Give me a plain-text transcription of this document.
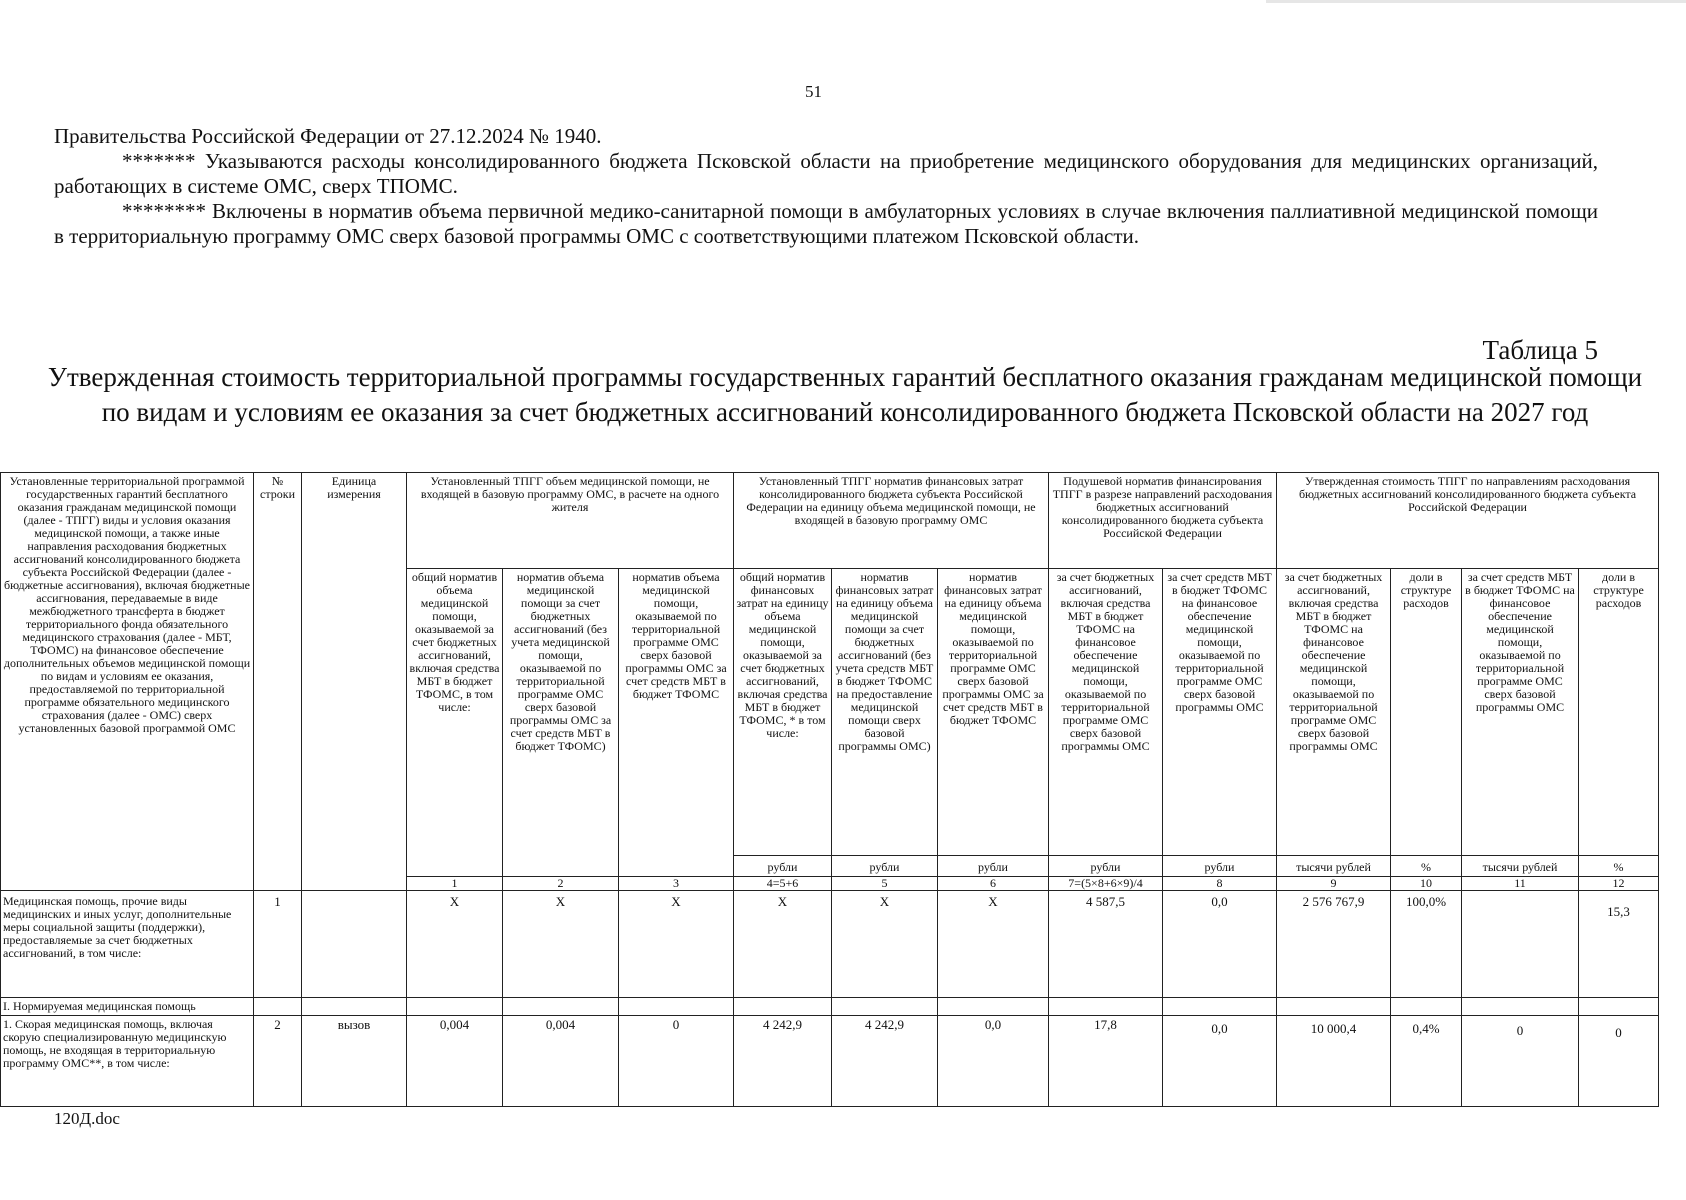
51

Правительства Российской Федерации от 27.12.2024 № 1940.

******* Указываются расходы консолидированного бюджета Псковской области на приобретение медицинского оборудования для медицинских организаций, работающих в системе ОМС, сверх ТПОМС.

******** Включены в норматив объема первичной медико-санитарной помощи в амбулаторных условиях в случае включения паллиативной медицинской помощи в территориальную программу ОМС сверх базовой программы ОМС с соответствующими платежом Псковской области.

Таблица 5
Утвержденная стоимость территориальной программы государственных гарантий бесплатного оказания гражданам медицинской помощи по видам и условиям ее оказания за счет бюджетных ассигнований консолидированного бюджета Псковской области на 2027 год
Установленные территориальной программой государственных гарантий бесплатного оказания гражданам медицинской помощи (далее - ТПГГ) виды и условия оказания медицинской помощи, а также иные направления расходования бюджетных ассигнований консолидированного бюджета субъекта Российской Федерации (далее - бюджетные ассигнования), включая бюджетные ассигнования, передаваемые в виде межбюджетного трансферта в бюджет территориального фонда обязательного медицинского страхования (далее - МБТ, ТФОМС) на финансовое обеспечение дополнительных объемов медицинской помощи по видам и условиям ее оказания, предоставляемой по территориальной программе обязательного медицинского страхования (далее - ОМС) сверх установленных базовой программой ОМС	№ строки	Единица измерения	Установленный ТПГГ объем медицинской помощи, не входящей в базовую программу ОМС, в расчете на одного жителя			Установленный ТПГГ норматив финансовых затрат консолидированного бюджета субъекта Российской Федерации на единицу объема медицинской помощи, не входящей в базовую программу ОМС			Подушевой норматив финансирования ТПГГ в разрезе направлений расходования бюджетных ассигнований консолидированного бюджета субъекта Российской Федерации		Утвержденная стоимость ТПГГ по направлениям расходования бюджетных ассигнований консолидированного бюджета субъекта Российской Федерации				
			общий норматив объема медицинской помощи, оказываемой за счет бюджетных ассигнований, включая средства МБТ в бюджет ТФОМС, в том числе:	норматив объема медицинской помощи за счет бюджетных ассигнований (без учета медицинской помощи, оказываемой по территориальной программе ОМС сверх базовой программы ОМС за счет средств МБТ в бюджет ТФОМС)	норматив объема медицинской помощи, оказываемой по территориальной программе ОМС сверх базовой программы ОМС за счет средств МБТ в бюджет ТФОМС	общий норматив финансовых затрат на единицу объема медицинской помощи, оказываемой за счет бюджетных ассигнований, включая средства МБТ в бюджет ТФОМС, * в том числе:	норматив финансовых затрат на единицу объема медицинской помощи за счет бюджетных ассигнований (без учета средств МБТ в бюджет ТФОМС на предоставление медицинской помощи сверх базовой программы ОМС)	норматив финансовых затрат на единицу объема медицинской помощи, оказываемой по территориальной программе ОМС сверх базовой программы ОМС за счет средств МБТ в бюджет ТФОМС	за счет бюджетных ассигнований, включая средства МБТ в бюджет ТФОМС на финансовое обеспечение медицинской помощи, оказываемой по территориальной программе ОМС сверх базовой программы ОМС	за счет средств МБТ в бюджет ТФОМС на финансовое обеспечение медицинской помощи, оказываемой по территориальной программе ОМС сверх базовой программы ОМС	за счет бюджетных ассигнований, включая средства МБТ в бюджет ТФОМС на финансовое обеспечение медицинской помощи, оказываемой по территориальной программе ОМС сверх базовой программы ОМС	доли в структуре расходов	за счет средств МБТ в бюджет ТФОМС на финансовое обеспечение медицинской помощи, оказываемой по территориальной программе ОМС сверх базовой программы ОМС	доли в структуре расходов	
						рубли	рубли	рубли	рубли	рубли	тысячи рублей	%	тысячи рублей	%	
			1	2	3	4=5+6	5	6	7=(5×8+6×9)/4	8	9	10	11	12			
Медицинская помощь, прочие виды медицинских и иных услуг, дополнительные меры социальной защиты (поддержки), предоставляемые за счет бюджетных ассигнований, в том числе:	1		X	X	X	X	X	X	4 587,5	0,0	2 576 767,9	100,0%		15,3	
I. Нормируемая медицинская помощь															
1. Скорая медицинская помощь, включая скорую специализированную медицинскую помощь, не входящая в территориальную программу ОМС**, в том числе:	2	вызов	0,004	0,004	0	4 242,9	4 242,9	0,0	17,8	0,0	10 000,4	0,4%	0	0	
120Д.doc
